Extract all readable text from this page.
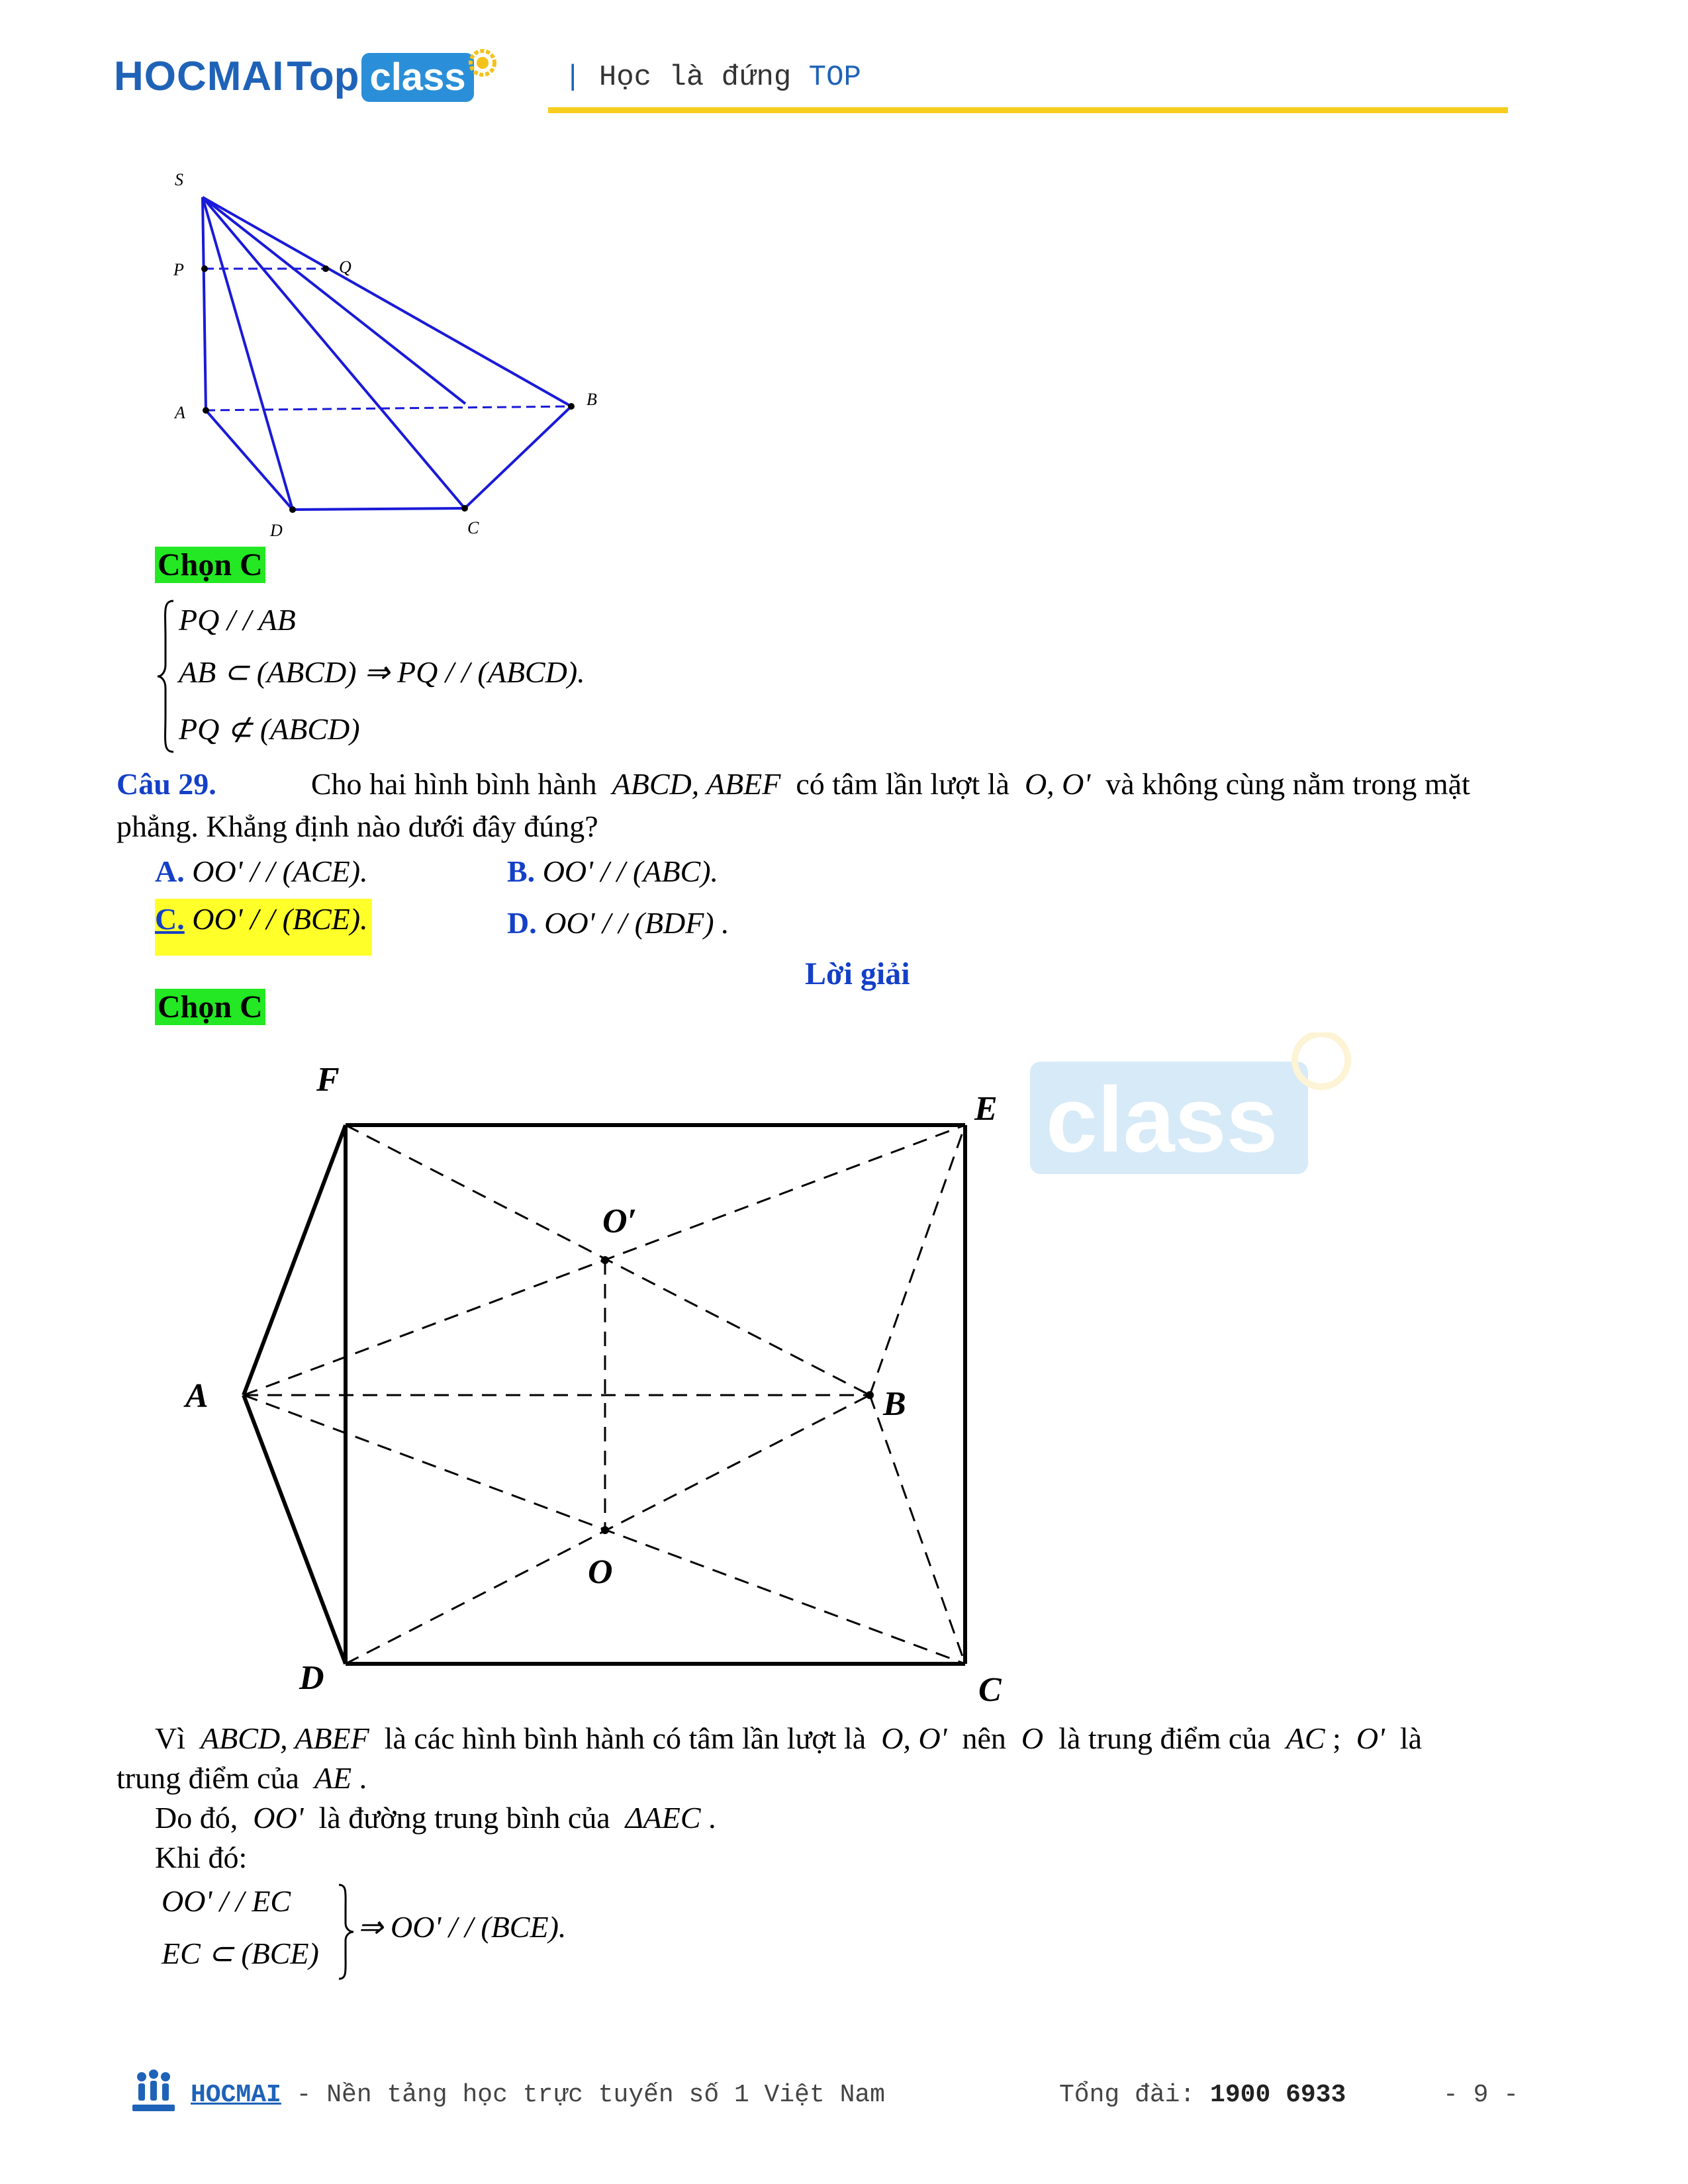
HOCMAI Top class	| Học là đứng TOP
S
P	Q
A
B
D	C
Chọn C
PQ / / AB
AB ⊂ (ABCD) ⇒ PQ / / (ABCD).
PQ ⊄ (ABCD)
Câu 29.	Cho hai hình bình hành ABCD, ABEF có tâm lần lượt là O, O' và không cùng nằm trong mặt
phẳng. Khẳng định nào dưới đây đúng?
A. OO' / / (ACE).	B. OO' / / (ABC).
C. OO' / / (BCE).	D. OO' / / (BDF) .
Lời giải
Chọn C
class
F
E
O′
A	B
O
D	C
Vì ABCD, ABEF là các hình bình hành có tâm lần lượt là O, O' nên O là trung điểm của AC ; O' là
trung điểm của AE .
Do đó, OO' là đường trung bình của ΔAEC .
Khi đó:
OO' / / EC
EC ⊂ (BCE)
⇒ OO' / / (BCE).
HOCMAI - Nền tảng học trực tuyến số 1 Việt Nam	Tổng đài: 1900 6933	- 9 -
